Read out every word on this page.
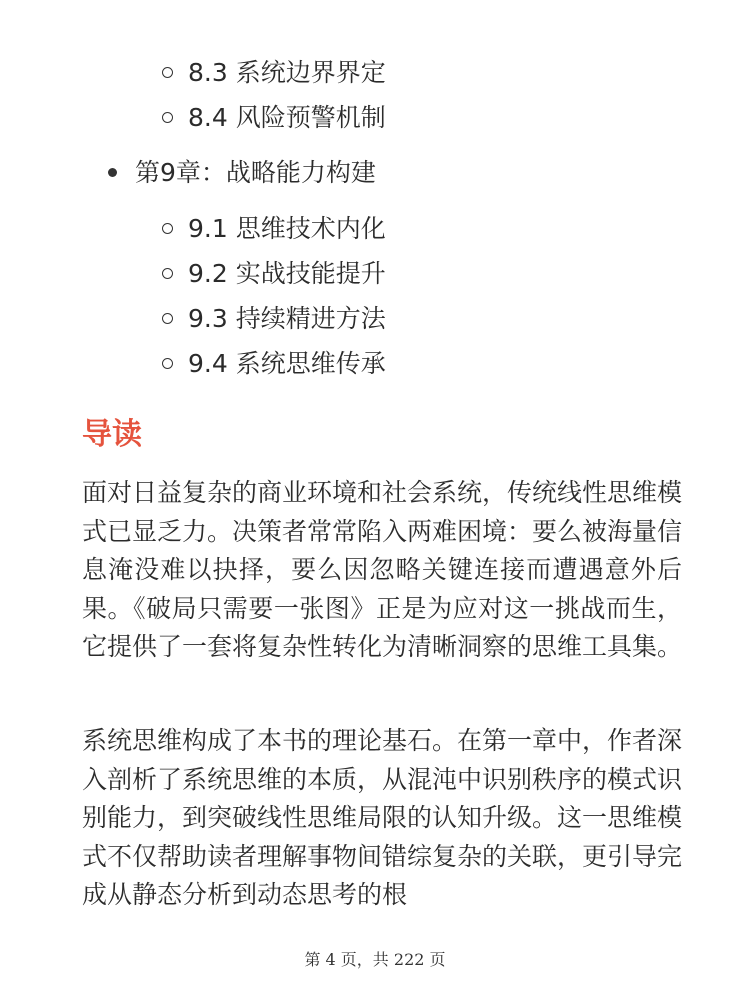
8.3 系统边界界定
8.4 风险预警机制
第9章：战略能力构建
9.1 思维技术内化
9.2 实战技能提升
9.3 持续精进方法
9.4 系统思维传承
导读

面对日益复杂的商业环境和社会系统，传统线性思维模式已显乏力。决策者常常陷入两难困境：要么被海量信息淹没难以抉择，要么因忽略关键连接而遭遇意外后果。《破局只需要一张图》正是为应对这一挑战而生，它提供了一套将复杂性转化为清晰洞察的思维工具集。

系统思维构成了本书的理论基石。在第一章中，作者深入剖析了系统思维的本质，从混沌中识别秩序的模式识别能力，到突破线性思维局限的认知升级。这一思维模式不仅帮助读者理解事物间错综复杂的关联，更引导完成从静态分析到动态思考的根

第 4 页，共 222 页
